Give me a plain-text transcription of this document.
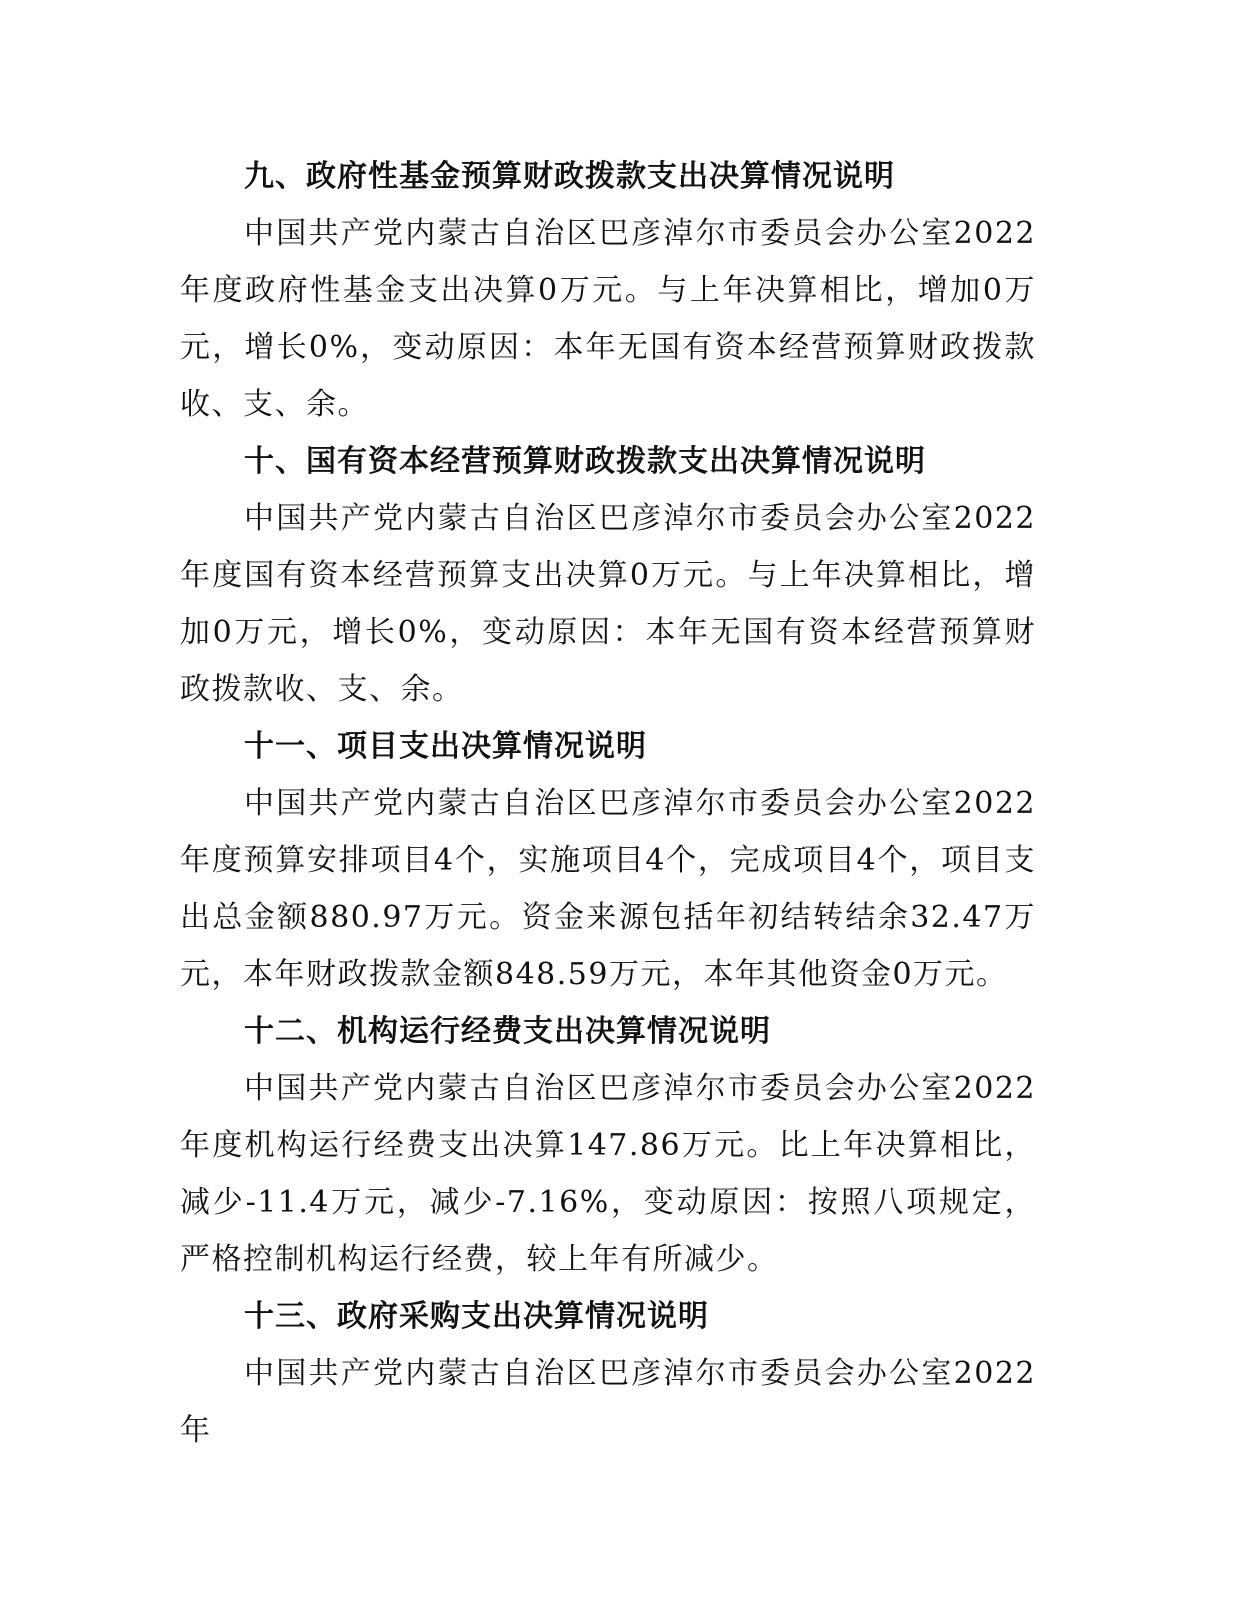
九、政府性基金预算财政拨款支出决算情况说明

中国共产党内蒙古自治区巴彦淖尔市委员会办公室2022年度政府性基金支出决算0万元。与上年决算相比，增加0万元，增长0%，变动原因：本年无国有资本经营预算财政拨款收、支、余。

十、国有资本经营预算财政拨款支出决算情况说明

中国共产党内蒙古自治区巴彦淖尔市委员会办公室2022年度国有资本经营预算支出决算0万元。与上年决算相比，增加0万元，增长0%，变动原因：本年无国有资本经营预算财政拨款收、支、余。

十一、项目支出决算情况说明

中国共产党内蒙古自治区巴彦淖尔市委员会办公室2022年度预算安排项目4个，实施项目4个，完成项目4个，项目支出总金额880.97万元。资金来源包括年初结转结余32.47万元，本年财政拨款金额848.59万元，本年其他资金0万元。

十二、机构运行经费支出决算情况说明

中国共产党内蒙古自治区巴彦淖尔市委员会办公室2022年度机构运行经费支出决算147.86万元。比上年决算相比，减少-11.4万元，减少-7.16%，变动原因：按照八项规定，严格控制机构运行经费，较上年有所减少。

十三、政府采购支出决算情况说明

中国共产党内蒙古自治区巴彦淖尔市委员会办公室2022年
